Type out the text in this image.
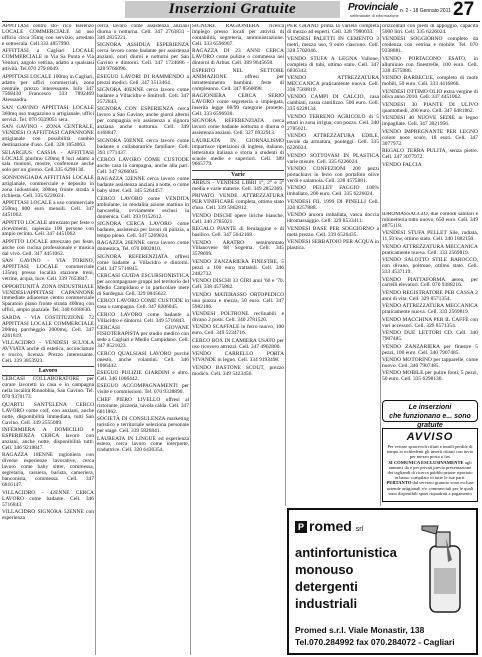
Inserzioni Gratuite	Provinciale
settimanale di informazione
n. 2 - 18 Gennaio 2011 27
APPITTASI centro sto- rico Iserenzo LOCALE COMMERCIALE ad uso ufficio circa 35mq con servizio, arredato e sottoscala. Cell.333 4857990.
AFFITTASI a Cagliari LOCALE COMMERCIALE in Via Sa Punta e Via Venturi, angolo vetrina, adatto a qualsiasi attività. Tel.070 279 8049.
APPITTASI LOCALE 100mq in Cagliari, adatto per uffici commerciali, zona centrale, prezzo interessante. Info 347 7568430 Francesco 333 7892469 Alessandra.
SAN GAVINO APPITTASI LOCALE 360mq uso magazzino o artigianale, uffici servizi. Tel. 070 9339051 sera.
SAN GAVINO - ZONA CENTRALE, VENDESI O AFFITTASI CAPANNONE artigianale con possibilità cambio destinazione d'uso. Cell. 328 1054063.
SELARGIUS CASSIA - AFFITTASI LOCALE plurimo 120mq 8 luci adatto a sala riunioni, mostre, conferenze anche solo per un giorno. Cell.335 6298130.
SONNONGIADA AFFITTASI LOCALE artigianale, commerciale e deposito in zona industriale, 300mq fronte strada a richiesta. Cell. 335 6226024.
APPITTASI LOCALE a uso commerciale 250mq 800 euro mensili. Cell. 347 4451062.
APPITTO LOCALE attrezzato per feste o ricevimenti, capienza 100 persone con ampio recinto. Cell. 347 4451062.
APPITTO LOCALE attrezzato per feste, anche con cucina professionale e musica dal vivo. Cell. 347 4451062.
SAN GAVINO - VIA TORINO, APPITTASI LOCALE commerciale 135mq presso località stazione treni, vetrine, acqua, luce. Cell. 339 7653847.
OPPORTUNITÀ ZONA INDUSTRIALE VENDESI/APPITTASI CAPANNONE immediate adiacenze centro commerciale Sparatoio piano fronte strada 400mq con uffici, ampio piazzale. Tel. 340 6168630.
SARDA - VIA COSTITUZIONE 72 APPITTASI LOCALE COMMERCIALE 200mq parcheggio 2000mq. Cell. 347 4261819.
VILLACIDRO - VENDESI SCUOLA AVVIATA anche di estetica, acconciature e trucco, licenza. Prezzo interessante. Cell. 339 3853923.
Lavoro
CERCASI COLLABORATORE per curare lavoretti in casa e in campagna nella località Rinnobbia, San Gavino. Tel. 070 9370173.
QUARTU SANT'ELENA CERCO LAVORO come colf, con anziani, anche notte, disponibilità immediata, tutti San Gavino. Cell. 349 2555089.
INFERMIERA A DOMICILIO e ESPERIENZA CERCA lavoro con anziani, anche notte, disponibilità tutti. Cell. 346 9218847.
RAGAZZA 18ENNE ragioniera con diverse esperienze lavorative, cerca lavoro come baby sitter, commessa, segretaria, cassiera, barista, cameriera, banconista, commessa. Cell. 347 6816147.
VILLACIDRO - 42ENNE CERCA LAVORO come badante. Cell. 346 5716843.
VILLACIDRO SIGNORA 52ENNE con esperienza
cerca lavoro come assistenza anziani diurna o notturna. Cell. 347 2763831 - 346 2825221.
SIGNORA ASSIDUA ESPERIENZA cerca lavoro come badante per assistenza anziani, orari diurni e notturni per San Gavino e dintorni. Cell. 347 1724686 - 328 9766096.
ESEGUO LAVORI DI RAMMENDO a prezzi modici. Cell. 347 3513464.
SIGNORA 40ENNE cerca lavoro come badante a Villacidro e limitrofi. Cell. 347 2572843.
SIGNORA CON ESPERIENZA cerca lavoro a San Gavino, anche giorni alterni per compagnia e/o assistenza a signora anziana anche notturna. Cell. 349 4168847.
SIGNORA 50ENNE cerca lavoro come badante o collaboratrice familiare. Cell. 393 1771437.
CERCO LAVORO COME CUSTODE anche casa in campagna, anche alla pari. Cell. 347 8266045.
RAGAZZA 32ENNE cerca lavoro come badante assistenza anziani a notte, o come baby sitter. Cell. 345 5264457.
CERCO LAVORO come VENDITA ambulante, in modalità azione mattina in bancarella, ovviamente esclusi la domenica. Cell. 393 0152612.
SIGNORA CERCA LAVORO come badante, assistenza per lavori di pulizia, a tempo pieno. Cell. 347 5269024.
RAGAZZA 26ENNE cerca lavoro come domestica, Tel. 070 0002810.
SIGNORA REFERENZIATA offresi come badante a Villacidro e dintorni. Cell. 347 5716845.
CERCASI GUIDA ESCURSIONISTICA per accompagnare gruppi nel territorio del Medio Campidano e in particolare mete di Sardegna. Cell. 329 0845622.
CERCO LAVORO COME CUSTODE in casa o campagna. Cell. 347 8206045.
CERCO LAVORO come badante a Villacidro e dintorni. Cell. 349 5716843.
CERCASI GIOVANE FISIOTERAPISTA per studio medico con sede a Cagliari e Medio Campidano. Cell. 347 8521023.
CERCO QUALSIASI LAVORO purché onesto, anche volantini. Cell. 346 1066442.
ESEGUO PULIZIE GIARDINI e altro. Cell. 346 1066442.
ESEGUO ACCOMPAGNAMENTI per visite e commissioni. Tel. 070 9338890.
CHEF PIERO LIVELLO offresi al ristorante, pizzeria, tavola calda. Cell. 347 6811862.
SOCIETÀ DI CONSULENZA marketing turistico e territoriale seleziona personale per stage. Cell. 339 5826841.
LAUREATA IN LINGUE ed esperienza estero, cerca lavoro come interprete, traduttrice. Cell. 320 6430354.
SIGNORE RAGIONIERA ricerca impiego presso locali per attività di contabilità, segreteria, amministrazione. Cell. 333 6596907.
RAGAZZA DI 23 ANNI CERCA LAVORO come pulizie o commessa nei dintorni di Arbus. Cell. 389 9645658.
ESPERTO NEL SETTORE ANIMAZIONE offresi per intrattenimento bambini, feste di compleanno. Cell. 347 8560098.
RAGIONIERA CERCA SERIO LAVORO come segreteria o impiegata, inserita legge 68/99 categorie protette. Cell. 333 6596930.
SIGNORA REFERENZIATA cerca lavoro come badante notturna o diurna o assistenza anziani. Cell. 327 6932913.
LAUREATA IN GIORNALISMO impartisce ripetizioni di inglese, italiano, letteratura italiana e storia a studenti di scuole medie e superiori. Cell. 389 9665779.
Varie
ARBUS - VENDESI LIBRI 1°, 2° e 3° media e varie materie. Cell. 349 2852369.
PRIVATO VENDE ATTREZZATURA PER VINIFICARE completa, ottimo stato d'uso. Cell. 339 5862812.
VENDO DISCHI opere liriche bianche. Cell. 340 2785021.
REGALO PIANTE di ferulaggine e di basilico. Cell. 347 5642168.
VENDO ARATRO semimontato Villanovese 68 Sogema. Cell. 345 3578699.
VENDO ZANZARIERA FINESTRE, 5 pezzi a 100 euro trattabili. Cell. 346 2482732.
VENDO DISCHI 33 GIRI anni '60 e '70. Cell. 338 4575882.
VENDO MATERASSO ORTOPEDICO una piazza e mezza, 50 euro. Cell. 347 5982186.
VENDESI POLTRONE reclinabili e divano 2 posti. Cell. 340 2781520.
VENDO SCAFFALE in ferro nuovo, 100 euro. Cell. 349 5234716.
CERCO BOX IN LAMIERA USATO per uso ricovero attrezzi. Cell. 347 4962800.
VENDO CARRELLO PORTA VIVANDE in legno. Cell. 334 9193498.
VENDO BASTONE SCOUT, prezzo modico. Cell. 349 5423456.
PER GRANO prima la varieta completa di mezzo ad esperti. Cell. 328 7980033.
VENDESI PALETTI IN CEMENTO 3 metri, mezzo uso, 9 euro ciascuno. Cell. 328 5702046.
VENDO STUFA A LEGNA Vallone, completa di tubi, ottimo stato. Cell. 347 6836342.
VENDO ATTREZZATURA MECCANICA praticamente nuova. Cell. 338 7569819.
VENDO CAMPI DI CALCIO, casa cambiati, cassa cantilizzo. 500 euro. Cell. 335 6228134.
VENDO TERRENO AGRICOLO di 5 ettari in zona irrigua, con pozzo. Cell. 340 2785021.
VENDO ATTREZZATURA EDILE, tavole da armatura, ponteggi. Cell. 335 6226024.
VENDO SOTTOVASI IN PLASTICA varie misure. Cell. 335 6226024.
VENDO CONFEZIONI 200 pezzi portachiavi in ferro con portafoto olive verdi e salamoia. Cell. 338 4575881.
VENDO PELLET FAGGIO 100% imballato, 200 euro. Cell. 335 6226024.
VENDESI FIL 1999 DI PINELLI Cell. 320 8257888.
VENDO ancora imballata, vasca doccia idromassaggio. Cell. 329 8533411.
VENDESI BASE PER SOGGIORNO a metà prezzo. Cell. 339 6526435.
VENDESI SERBATOIO PER ACQUA in plastica.
orizzontali con piedi di appoggio, capacità 5000 litri. Cell. 335 6226024.
VENDESI SOGGIORNO completo da credenza con vetrina e mobile. Tel. 070 9338881.
VENDO PORTACONO ESATO, in alluminio con finestrelle, 100 euro. Cell. 338 4575886.
VENDO BARBECUE, completo di ruote mobili, 50 euro. Cell. 333 4416866.
VENDESI OTTIMO OLIO extra vergine di oliva anno 2010. Cell. 347 4451062.
VENDESI 30 PIANTE DI ULIVO quantomedi, 200 euro. Cell. 347 6481862.
VENDESI 40 NUOVE SEDIE in legno impagliate. Cell. 347 3021956.
VENDO IMPREGNANTE PER LEGNO colore noce scuro, 18 euro. Cell. 347 3077972.
REGALO TERRA PULITA, senza pietre. Cell. 347 3077972.
VENDO FALCIA
IDROMASSAGGIO, due comodi sanitari e rubinetteria tutto nuovo, 650 euro. Cell. 349 4875118.
VENDESI STUFA PELLET Sile, radiata, 11,50 kw, ottimo stato. Cell. 340 1882150.
VENDO ATTREZZATURA MECCANICA praticamente nuova. Cell. 333 2569819.
VENDO SALOTTO STILE BAROCCO, con divano, poltrone, ottimo stato. Cell. 333 4537119.
VENDO PIATTAFORMA aerea, per carrelli elevatori. Cell. 070 9388216.
VENDO REGISTRATORE PER CASSA 2 anni di vita. Cell. 329 8571354.
VENDO ATTREZZATURA MECCANICA praticamente nuova. Cell. 333 2569819.
VENDO MACCHINA PER IL CAFFÈ con vari accessori. Cell. 329 8571354.
VENDO DUE LETTORI CD. Cell. 340 7907485.
VENDO ZANZARIERA per finestre 5 pezzi, 100 euro. Cell. 340 7907485.
VENDO MOTORINO per tapparelle, come nuovo. Cell. 340 7907485.
VENDO MOBILE per pulire fonti, 5 pezzi, 50 euro. Cell. 335 6298130.
Le inserzioni
che funzionano e... sono gratuite
AVVISO
Per evitare spiacevoli rifiuti e inutili perdite di tempo ai richiedenti gli inserti ritirati con invio per mezzo posta o fax
SI COMUNICA ESCLUSIVAMENTE agli annunci da e per privati previa presentazione dei tagliandi di ricerca pubblicazione riportato in basso compilato in tutte le sue parti.
PERTANTO dal servizio gratuito sono escluse aziende artigianali e/o commerciali per le quali sono disponibili spazi riquadrati a pagamento
P romed srl
antinfortunistica
monouso
detergenti
industriali
Promed s.r.l. Viale Monastir, 138
Tel.070.284992 fax 070.284072 - Cagliari
